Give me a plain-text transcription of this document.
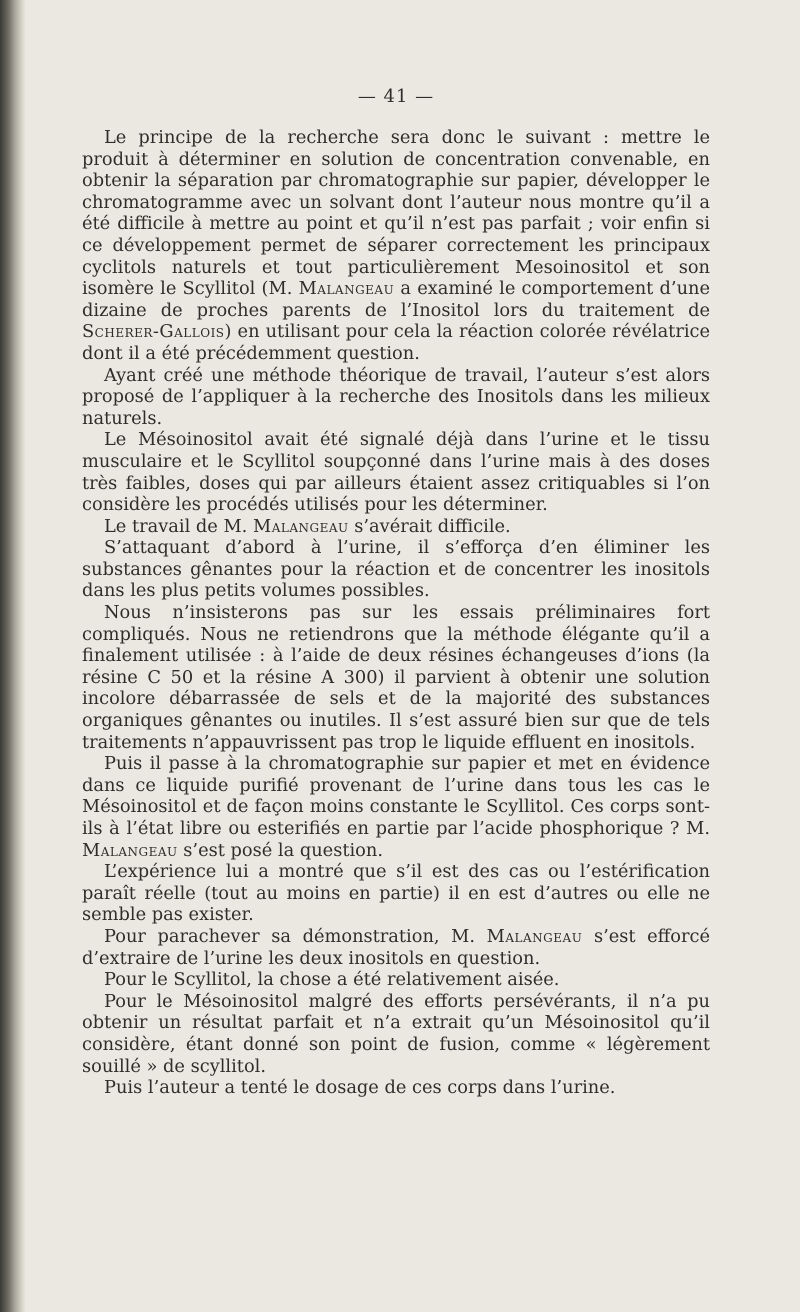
— 41 —

Le principe de la recherche sera donc le suivant : mettre le produit à déterminer en solution de concentration convenable, en obtenir la séparation par chromatographie sur papier, développer le chromatogramme avec un solvant dont l’auteur nous montre qu’il a été difficile à mettre au point et qu’il n’est pas parfait ; voir enfin si ce développement permet de séparer correctement les principaux cyclitols naturels et tout particulièrement Mesoinositol et son isomère le Scyllitol (M. Malangeau a examiné le comportement d’une dizaine de proches parents de l’Inositol lors du traitement de Scherer-Gallois) en utilisant pour cela la réaction colorée révélatrice dont il a été précédemment question.

Ayant créé une méthode théorique de travail, l’auteur s’est alors proposé de l’appliquer à la recherche des Inositols dans les milieux naturels.

Le Mésoinositol avait été signalé déjà dans l’urine et le tissu musculaire et le Scyllitol soupçonné dans l’urine mais à des doses très faibles, doses qui par ailleurs étaient assez critiquables si l’on considère les procédés utilisés pour les déterminer.

Le travail de M. Malangeau s’avérait difficile.

S’attaquant d’abord à l’urine, il s’efforça d’en éliminer les substances gênantes pour la réaction et de concentrer les inositols dans les plus petits volumes possibles.

Nous n’insisterons pas sur les essais préliminaires fort compliqués. Nous ne retiendrons que la méthode élégante qu’il a finalement utilisée : à l’aide de deux résines échangeuses d’ions (la résine C 50 et la résine A 300) il parvient à obtenir une solution incolore débarrassée de sels et de la majorité des substances organiques gênantes ou inutiles. Il s’est assuré bien sur que de tels traitements n’appauvrissent pas trop le liquide effluent en inositols.

Puis il passe à la chromatographie sur papier et met en évidence dans ce liquide purifié provenant de l’urine dans tous les cas le Mésoinositol et de façon moins constante le Scyllitol. Ces corps sont-ils à l’état libre ou esterifiés en partie par l’acide phosphorique ? M. Malangeau s’est posé la question.

L’expérience lui a montré que s’il est des cas ou l’estérification paraît réelle (tout au moins en partie) il en est d’autres ou elle ne semble pas exister.

Pour parachever sa démonstration, M. Malangeau s’est efforcé d’extraire de l’urine les deux inositols en question.

Pour le Scyllitol, la chose a été relativement aisée.

Pour le Mésoinositol malgré des efforts persévérants, il n’a pu obtenir un résultat parfait et n’a extrait qu’un Mésoinositol qu’il considère, étant donné son point de fusion, comme « légèrement souillé » de scyllitol.

Puis l’auteur a tenté le dosage de ces corps dans l’urine.
